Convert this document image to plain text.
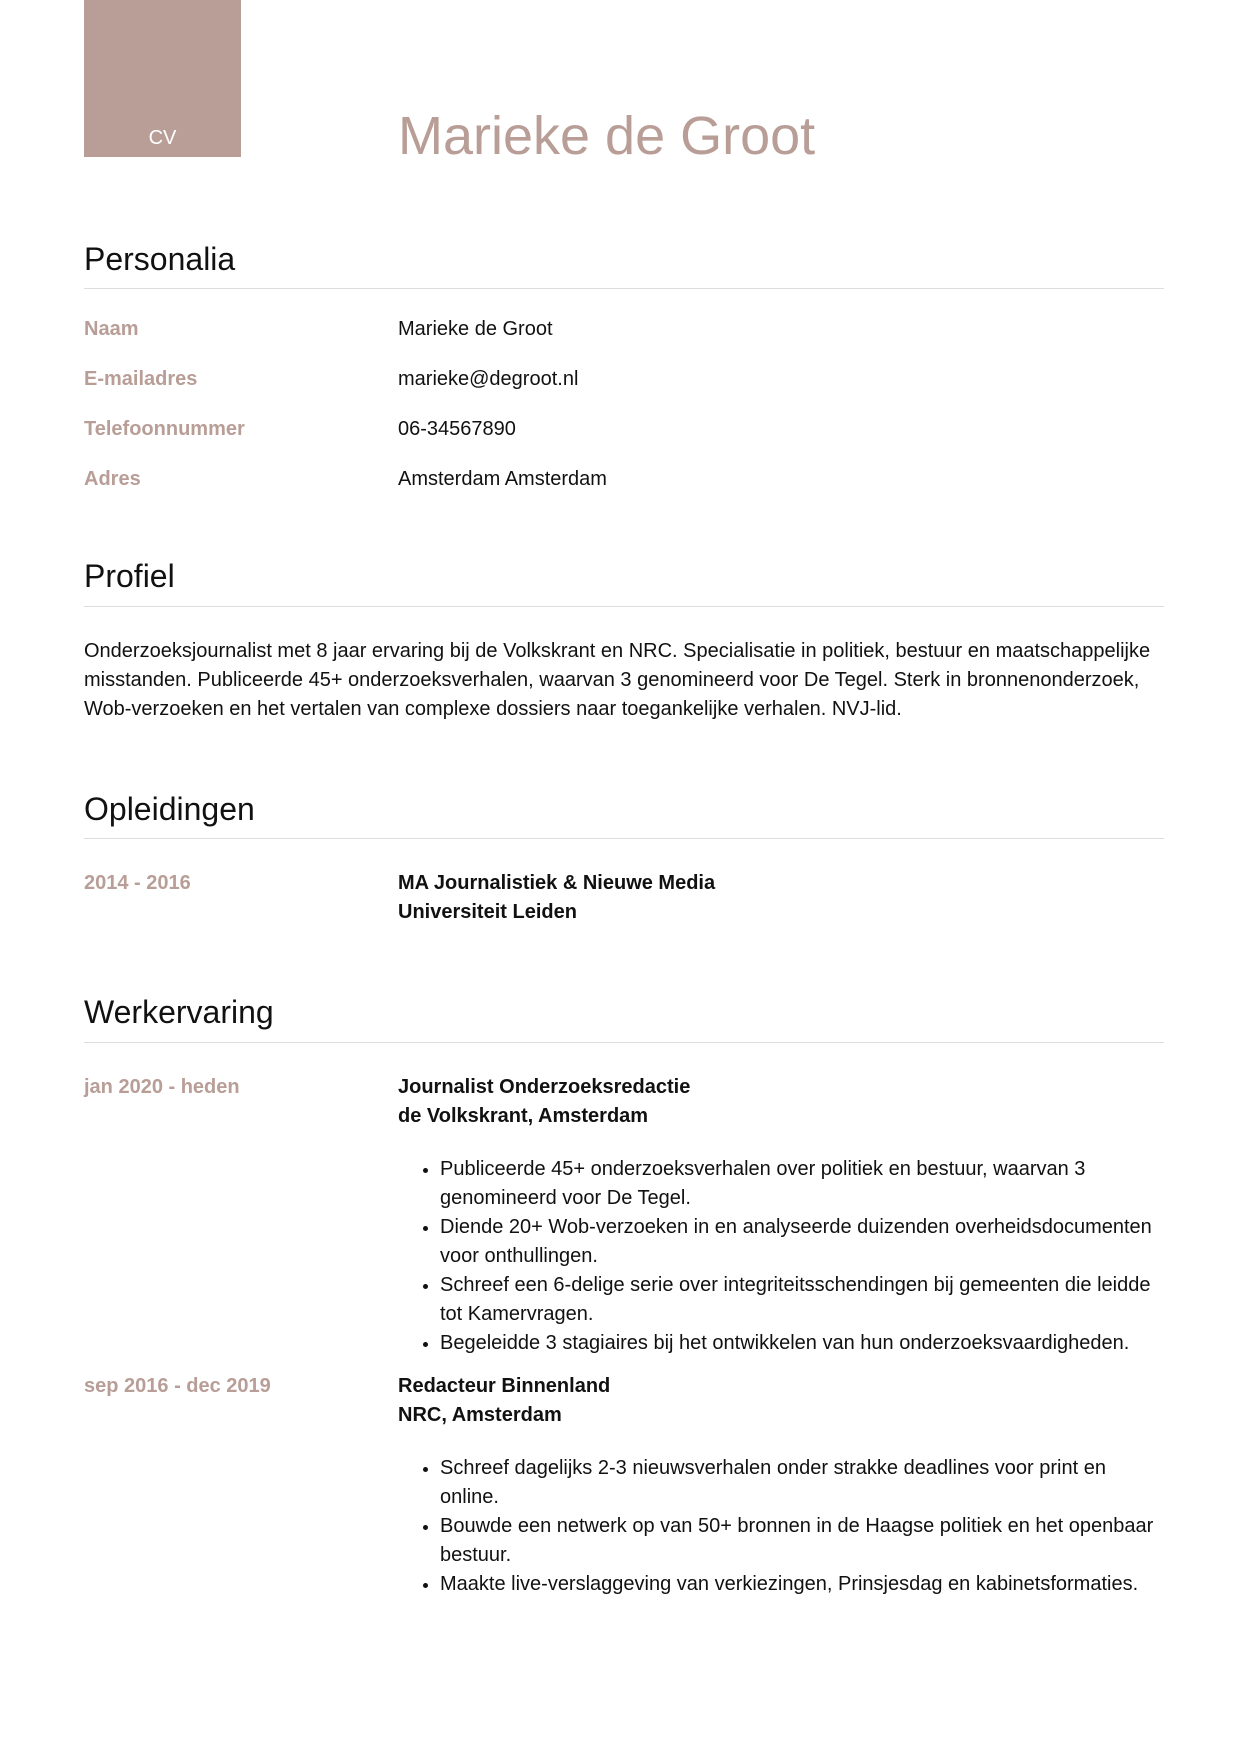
CV	Marieke de Groot
Personalia
Naam	Marieke de Groot
E-mailadres	marieke@degroot.nl
Telefoonnummer	06-34567890
Adres	Amsterdam Amsterdam
Profiel

Onderzoeksjournalist met 8 jaar ervaring bij de Volkskrant en NRC. Specialisatie in politiek, bestuur en maatschappelijke misstanden. Publiceerde 45+ onderzoeksverhalen, waarvan 3 genomineerd voor De Tegel. Sterk in bronnenonderzoek, Wob-verzoeken en het vertalen van complexe dossiers naar toegankelijke verhalen. NVJ-lid.

Opleidingen
2014 - 2016	MA Journalistiek & Nieuwe Media
Universiteit Leiden
Werkervaring
jan 2020 - heden	Journalist Onderzoeksredactie
de Volkskrant, Amsterdam
• Publiceerde 45+ onderzoeksverhalen over politiek en bestuur, waarvan 3 genomineerd voor De Tegel.
• Diende 20+ Wob-verzoeken in en analyseerde duizenden overheidsdocumenten voor onthullingen.
• Schreef een 6-delige serie over integriteitsschendingen bij gemeenten die leidde tot Kamervragen.
• Begeleidde 3 stagiaires bij het ontwikkelen van hun onderzoeksvaardigheden.
sep 2016 - dec 2019	Redacteur Binnenland
NRC, Amsterdam
• Schreef dagelijks 2-3 nieuwsverhalen onder strakke deadlines voor print en online.
• Bouwde een netwerk op van 50+ bronnen in de Haagse politiek en het openbaar bestuur.
• Maakte live-verslaggeving van verkiezingen, Prinsjesdag en kabinetsformaties.
